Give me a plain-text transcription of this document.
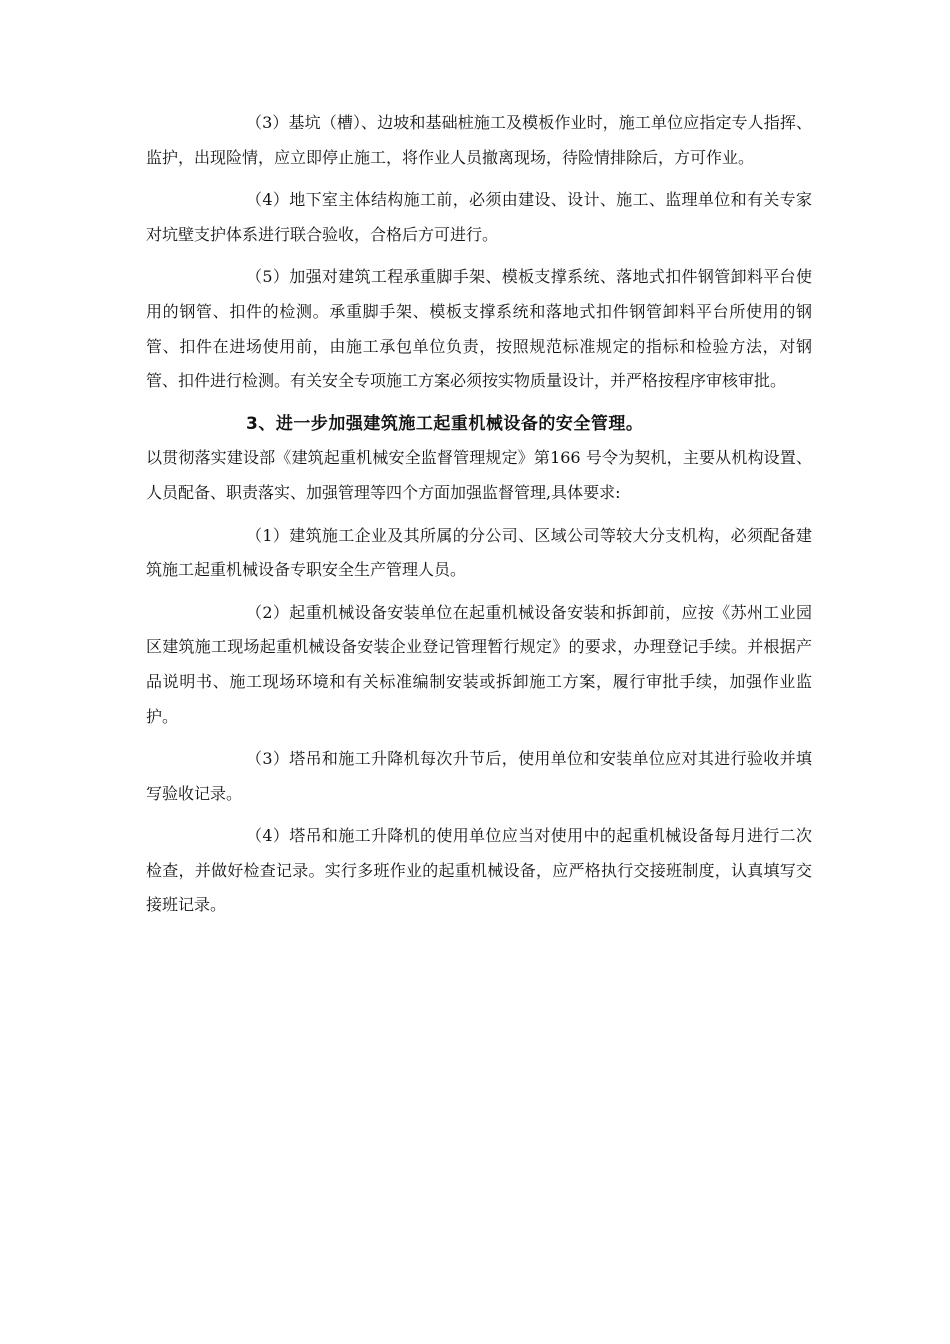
（3）基坑（槽）、边坡和基础桩施工及模板作业时，施工单位应指定专人指挥、监护，出现险情，应立即停止施工，将作业人员撤离现场，待险情排除后，方可作业。

（4）地下室主体结构施工前，必须由建设、设计、施工、监理单位和有关专家对坑壁支护体系进行联合验收，合格后方可进行。

（5）加强对建筑工程承重脚手架、模板支撑系统、落地式扣件钢管卸料平台使用的钢管、扣件的检测。承重脚手架、模板支撑系统和落地式扣件钢管卸料平台所使用的钢管、扣件在进场使用前，由施工承包单位负责，按照规范标准规定的指标和检验方法，对钢管、扣件进行检测。有关安全专项施工方案必须按实物质量设计，并严格按程序审核审批。

3、进一步加强建筑施工起重机械设备的安全管理。

以贯彻落实建设部《建筑起重机械安全监督管理规定》第166 号令为契机，主要从机构设置、人员配备、职责落实、加强管理等四个方面加强监督管理,具体要求:

（1）建筑施工企业及其所属的分公司、区域公司等较大分支机构，必须配备建筑施工起重机械设备专职安全生产管理人员。

（2）起重机械设备安装单位在起重机械设备安装和拆卸前，应按《苏州工业园区建筑施工现场起重机械设备安装企业登记管理暂行规定》的要求，办理登记手续。并根据产品说明书、施工现场环境和有关标准编制安装或拆卸施工方案，履行审批手续，加强作业监护。

（3）塔吊和施工升降机每次升节后，使用单位和安装单位应对其进行验收并填写验收记录。

（4）塔吊和施工升降机的使用单位应当对使用中的起重机械设备每月进行二次检查，并做好检查记录。实行多班作业的起重机械设备，应严格执行交接班制度，认真填写交接班记录。
